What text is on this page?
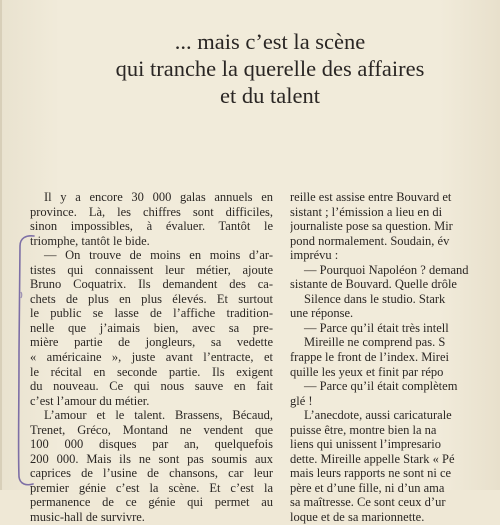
... mais c’est la scène
qui tranche la querelle des affaires
et du talent
Il y a encore 30 000 galas annuels en
province. Là, les chiffres sont difficiles,
sinon impossibles, à évaluer. Tantôt le
triomphe, tantôt le bide.
— On trouve de moins en moins d’ar-
tistes qui connaissent leur métier, ajoute
Bruno Coquatrix. Ils demandent des ca-
chets de plus en plus élevés. Et surtout
le public se lasse de l’affiche tradition-
nelle que j’aimais bien, avec sa pre-
mière partie de jongleurs, sa vedette
« américaine », juste avant l’entracte, et
le récital en seconde partie. Ils exigent
du nouveau. Ce qui nous sauve en fait
c’est l’amour du métier.
L’amour et le talent. Brassens, Bécaud,
Trenet, Gréco, Montand ne vendent que
100 000 disques par an, quelquefois
200 000. Mais ils ne sont pas soumis aux
caprices de l’usine de chansons, car leur
premier génie c’est la scène. Et c’est la
permanence de ce génie qui permet au
music-hall de survivre.
reille est assise entre Bouvard et
sistant ; l’émission a lieu en di
journaliste pose sa question. Mir
pond normalement. Soudain, év
imprévu :
— Pourquoi Napoléon ? demand
sistante de Bouvard. Quelle drôle
Silence dans le studio. Stark
une réponse.
— Parce qu’il était très intell
Mireille ne comprend pas. S
frappe le front de l’index. Mirei
quille les yeux et finit par répo
— Parce qu’il était complètem
glé !
L’anecdote, aussi caricaturale
puisse être, montre bien la na
liens qui unissent l’impresario
dette. Mireille appelle Stark « Pé
mais leurs rapports ne sont ni ce
père et d’une fille, ni d’un ama
sa maîtresse. Ce sont ceux d’ur
loque et de sa marionnette.
